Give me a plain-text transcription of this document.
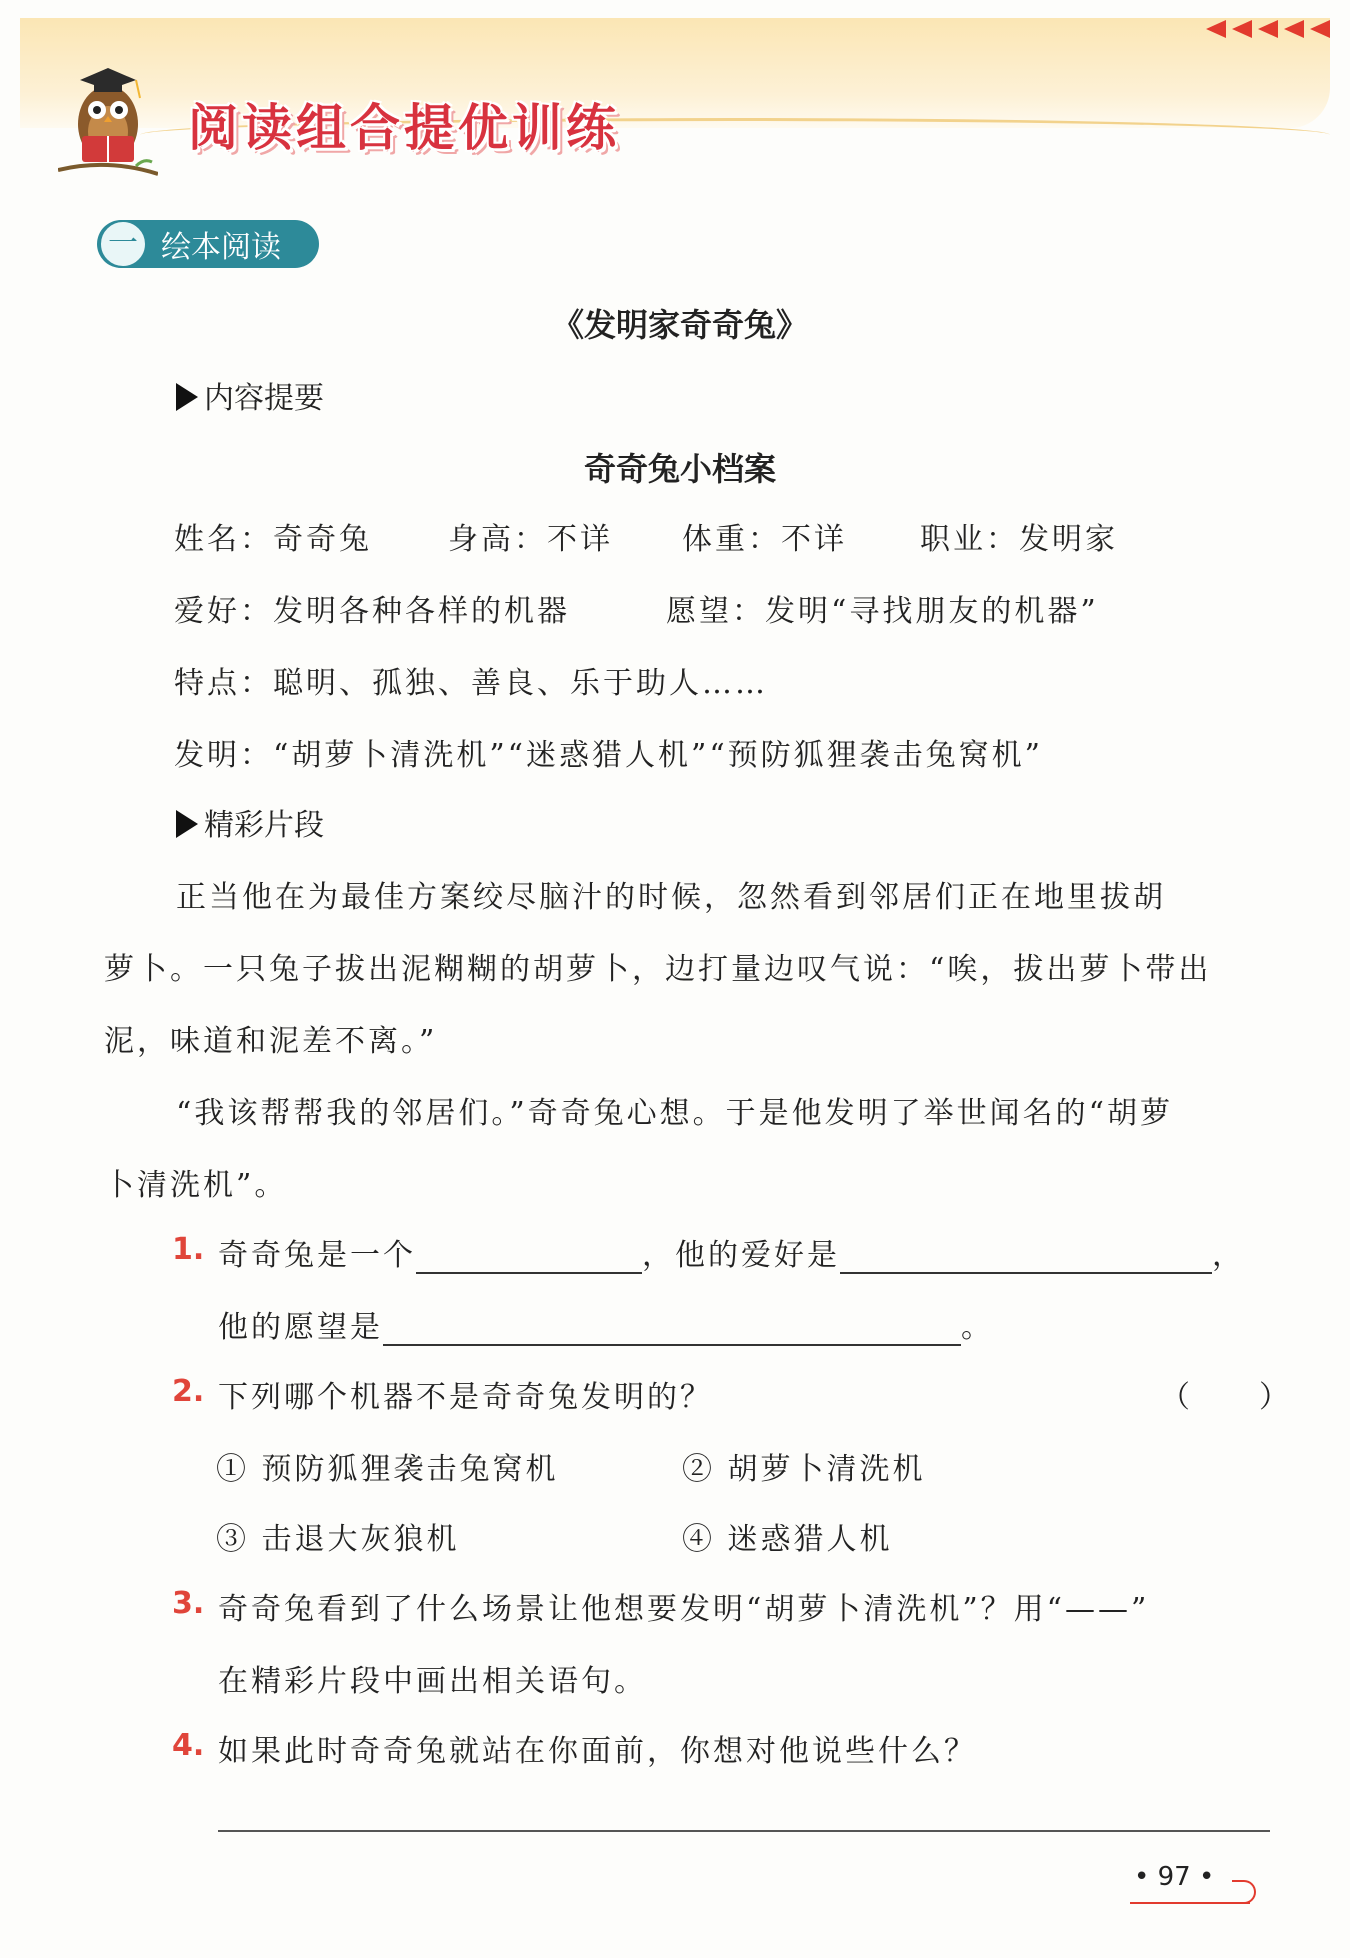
阅读组合提优训练
一 绘本阅读
《发明家奇奇兔》
内容提要
奇奇兔小档案
姓名：奇奇兔	身高：不详 体重：不详 职业：发明家
爱好：发明各种各样的机器	愿望：发明“寻找朋友的机器”
特点：聪明、孤独、善良、乐于助人……
发明：“胡萝卜清洗机”“迷惑猎人机”“预防狐狸袭击兔窝机”
精彩片段
正当他在为最佳方案绞尽脑汁的时候，忽然看到邻居们正在地里拔胡
萝卜。一只兔子拔出泥糊糊的胡萝卜，边打量边叹气说：“唉，拔出萝卜带出
泥，味道和泥差不离。”
“我该帮帮我的邻居们。”奇奇兔心想。于是他发明了举世闻名的“胡萝
卜清洗机”。
1. 奇奇兔是一个	，他的爱好是	，
他的愿望是	。
2. 下列哪个机器不是奇奇兔发明的？	（　　）
① 预防狐狸袭击兔窝机	② 胡萝卜清洗机
③ 击退大灰狼机	④ 迷惑猎人机
3. 奇奇兔看到了什么场景让他想要发明“胡萝卜清洗机”？用“——”
在精彩片段中画出相关语句。
4. 如果此时奇奇兔就站在你面前，你想对他说些什么？
• 97 •
